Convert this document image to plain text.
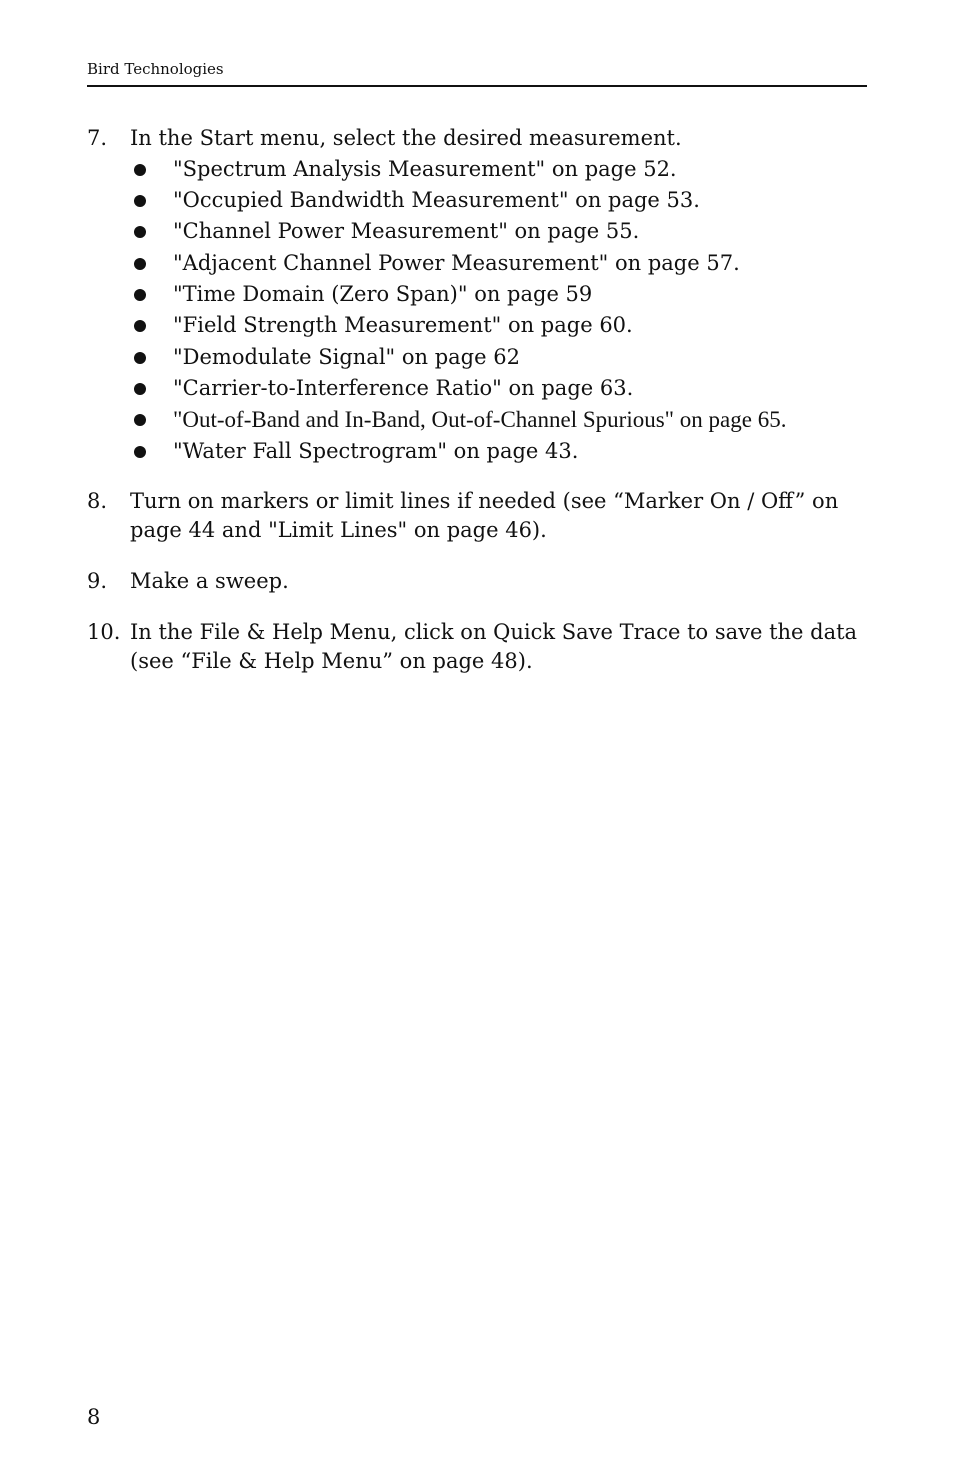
Bird Technologies
7. In the Start menu, select the desired measurement.
"Spectrum Analysis Measurement" on page 52.
"Occupied Bandwidth Measurement" on page 53.
"Channel Power Measurement" on page 55.
"Adjacent Channel Power Measurement" on page 57.
"Time Domain (Zero Span)" on page 59
"Field Strength Measurement" on page 60.
"Demodulate Signal" on page 62
"Carrier-to-Interference Ratio" on page 63.
"Out-of-Band and In-Band, Out-of-Channel Spurious" on page 65.
"Water Fall Spectrogram" on page 43.
8. Turn on markers or limit lines if needed (see “Marker On / Off” on page 44 and "Limit Lines" on page 46).
9. Make a sweep.
10. In the File & Help Menu, click on Quick Save Trace to save the data (see “File & Help Menu” on page 48).
8
